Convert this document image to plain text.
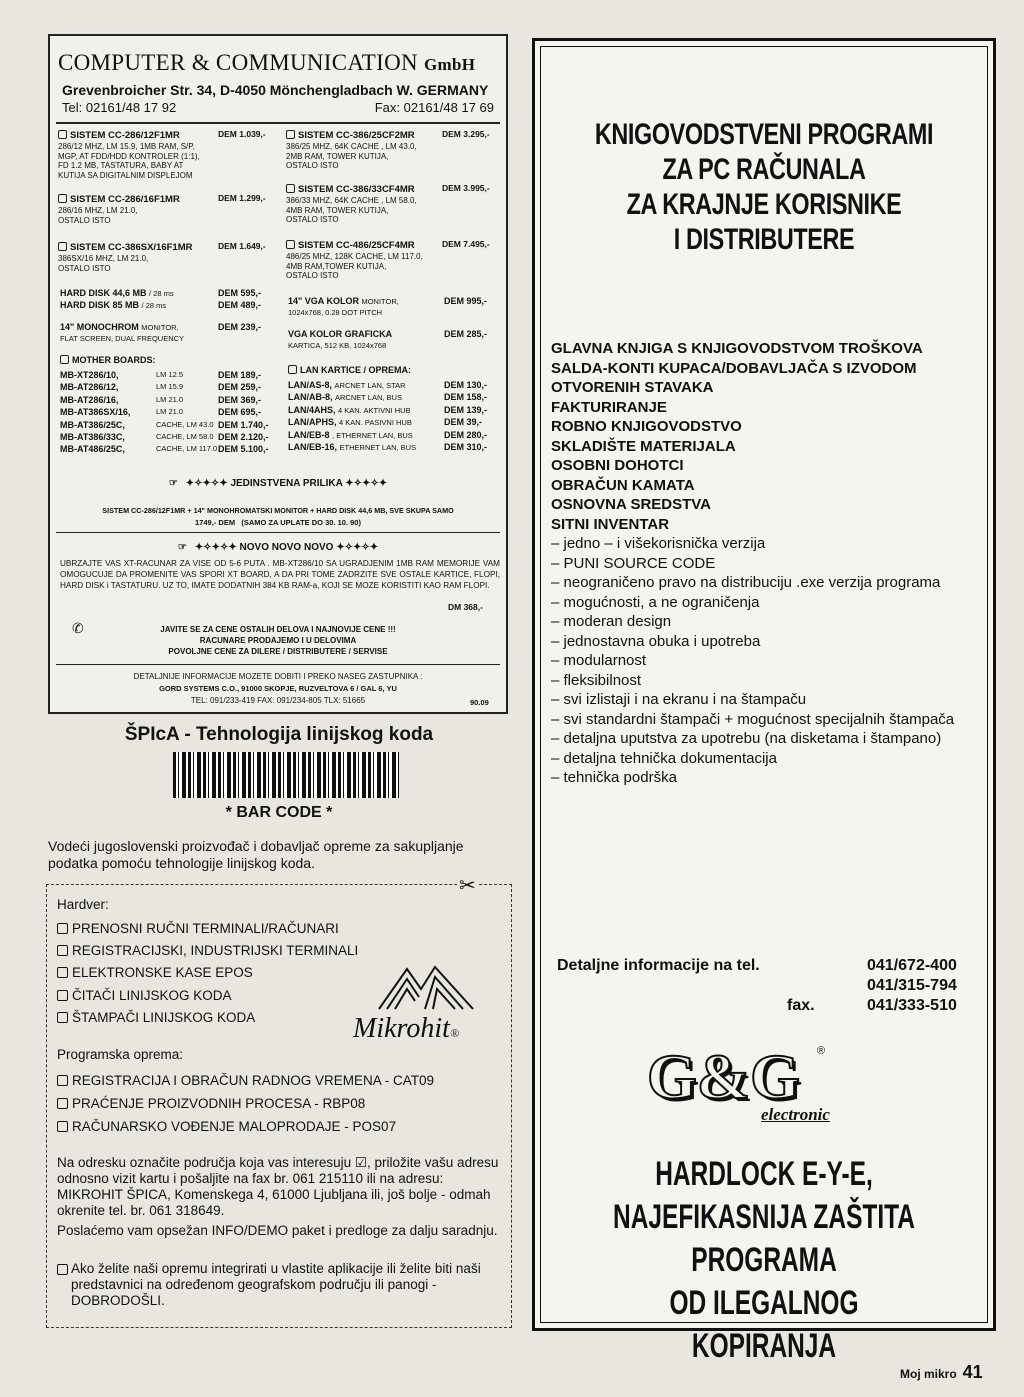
COMPUTER & COMMUNICATION GmbH
Grevenbroicher Str. 34, D-4050 Mönchengladbach W. GERMANY
Tel: 02161/48 17 92	Fax: 02161/48 17 69
SISTEM CC-286/12F1MR
286/12 MHZ, LM 15.9, 1MB RAM, S/P,
MGP, AT FDD/HDD KONTROLER (1:1),
FD 1.2 MB, TASTATURA, BABY AT
KUTIJA SA DIGITALNIM DISPLEJOM
DEM 1.039,-
SISTEM CC-286/16F1MR
286/16 MHZ, LM 21.0,
OSTALO ISTO
DEM 1.299,-
SISTEM CC-386SX/16F1MR
386SX/16 MHZ, LM 21.0,
OSTALO ISTO
DEM 1.649,-
SISTEM CC-386/25CF2MR
386/25 MHZ, 64K CACHE , LM 43.0,
2MB RAM, TOWER KUTIJA,
OSTALO ISTO
DEM 3.295,-
SISTEM CC-386/33CF4MR
386/33 MHZ, 64K CACHE , LM 58.0,
4MB RAM, TOWER KUTIJA,
OSTALO ISTO
DEM 3.995,-
SISTEM CC-486/25CF4MR
486/25 MHZ, 128K CACHE, LM 117.0,
4MB RAM,TOWER KUTIJA,
OSTALO ISTO
DEM 7.495,-
HARD DISK 44,6 MB / 28 ms	DEM 595,-
HARD DISK 85 MB / 28 ms	DEM 489,-
14" MONOCHROM MONITOR,	DEM 239,-
FLAT SCREEN, DUAL FREQUENCY
14" VGA KOLOR MONITOR,	DEM 995,-
1024x768, 0.28 DOT PITCH
VGA KOLOR GRAFICKA	DEM 285,-
KARTICA, 512 KB, 1024x768
MOTHER BOARDS:
MB-XT286/10,	LM 12.5	DEM 189,-
MB-AT286/12,	LM 15.9	DEM 259,-
MB-AT286/16,	LM 21.0	DEM 369,-
MB-AT386SX/16,	LM 21.0	DEM 695,-
MB-AT386/25C,	CACHE, LM 43.0 DEM 1.740,-
MB-AT386/33C,	CACHE, LM 58.0 DEM 2.120,-
MB-AT486/25C,	CACHE, LM 117.0 DEM 5.100,-
LAN KARTICE / OPREMA:
LAN/AS-8, ARCNET LAN, STAR	DEM 130,-
LAN/AB-8, ARCNET LAN, BUS	DEM 158,-
LAN/4AHS, 4 KAN. AKTIVNI HUB	DEM 139,-
LAN/APHS, 4 KAN. PASIVNI HUB	DEM 39,-
LAN/EB-8 , ETHERNET LAN, BUS	DEM 280,-
LAN/EB-16, ETHERNET LAN, BUS	DEM 310,-
☞ ✦✧✦✧✦ JEDINSTVENA PRILIKA ✦✧✦✧✦
SISTEM CC-286/12F1MR + 14" MONOHROMATSKI MONITOR + HARD DISK 44,6 MB, SVE SKUPA SAMO
1749,- DEM (SAMO ZA UPLATE DO 30. 10. 90)
☞ ✦✧✦✧✦ NOVO NOVO NOVO ✦✧✦✧✦
UBRZAJTE VAS XT-RACUNAR ZA VISE OD 5-6 PUTA . MB-XT286/10 SA UGRADJENIM 1MB RAM MEMORIJE VAM OMOGUCUJE DA PROMENITE VAS SPORI XT BOARD, A DA PRI TOME ZADRZITE SVE OSTALE KARTICE, FLOPI, HARD DISK i TASTATURU. UZ TO, IMATE DODATNIH 384 KB RAM-a, KOJI SE MOZE KORISTITI KAO RAM FLOPI.
DM 368,-
✆	JAVITE SE ZA CENE OSTALIH DELOVA I NAJNOVIJE CENE !!!
RACUNARE PRODAJEMO I U DELOVIMA
POVOLJNE CENE ZA DILERE / DISTRIBUTERE / SERVISE
DETALJNIJE INFORMACIJE MOZETE DOBITI I PREKO NASEG ZASTUPNIKA :
GORD SYSTEMS C.O., 91000 SKOPJE, RUZVELTOVA 6 / GAL 6, YU
TEL: 091/233-419 FAX: 091/234-805 TLX: 51665	90.09
ŠPIcA - Tehnologija linijskog koda
* BAR CODE *
Vodeći jugoslovenski proizvođač i dobavljač opreme za sakupljanje podatka pomoću tehnologije linijskog koda.
✂
Hardver:
PRENOSNI RUČNI TERMINALI/RAČUNARI
REGISTRACIJSKI, INDUSTRIJSKI TERMINALI
ELEKTRONSKE KASE EPOS
ČITAČI LINIJSKOG KODA
ŠTAMPAČI LINIJSKOG KODA	Mikrohit®
Programska oprema:
REGISTRACIJA I OBRAČUN RADNOG VREMENA - CAT09
PRAĆENJE PROIZVODNIH PROCESA - RBP08
RAČUNARSKO VOĐENJE MALOPRODAJE - POS07
Na odresku označite područja koja vas interesuju ☑, priložite vašu adresu odnosno vizit kartu i pošaljite na fax br. 061 215110 ili na adresu: MIKROHIT ŠPICA, Komenskega 4, 61000 Ljubljana ili, još bolje - odmah okrenite tel. br. 061 318649.
Poslaćemo vam opsežan INFO/DEMO paket i predloge za dalju saradnju.
Ako želite naši opremu integrirati u vlastite aplikacije ili želite biti naši predstavnici na određenom geografskom području ili panogi - DOBRODOŠLI.
KNIGOVODSTVENI PROGRAMI
ZA PC RAČUNALA
ZA KRAJNJE KORISNIKE
I DISTRIBUTERE
GLAVNA KNJIGA S KNJIGOVODSTVOM TROŠKOVA
SALDA-KONTI KUPACA/DOBAVLJAČA S IZVODOM
OTVORENIH STAVAKA
FAKTURIRANJE
ROBNO KNJIGOVODSTVO
SKLADIŠTE MATERIJALA
OSOBNI DOHOTCI
OBRAČUN KAMATA
OSNOVNA SREDSTVA
SITNI INVENTAR
– jedno – i višekorisnička verzija
– PUNI SOURCE CODE
– neograničeno pravo na distribuciju .exe verzija programa
– mogućnosti, a ne ograničenja
– moderan design
– jednostavna obuka i upotreba
– modularnost
– fleksibilnost
– svi izlistaji i na ekranu i na štampaču
– svi standardni štampači + mogućnost specijalnih štampača
– detaljna uputstva za upotrebu (na disketama i štampano)
– detaljna tehnička dokumentacija
– tehnička podrška
Detaljne informacije na tel.	041/672-400
041/315-794
fax.	041/333-510
G&G
electronic
®
HARDLOCK E-Y-E,
NAJEFIKASNIJA ZAŠTITA
PROGRAMA
OD ILEGALNOG KOPIRANJA
Moj mikro 41
